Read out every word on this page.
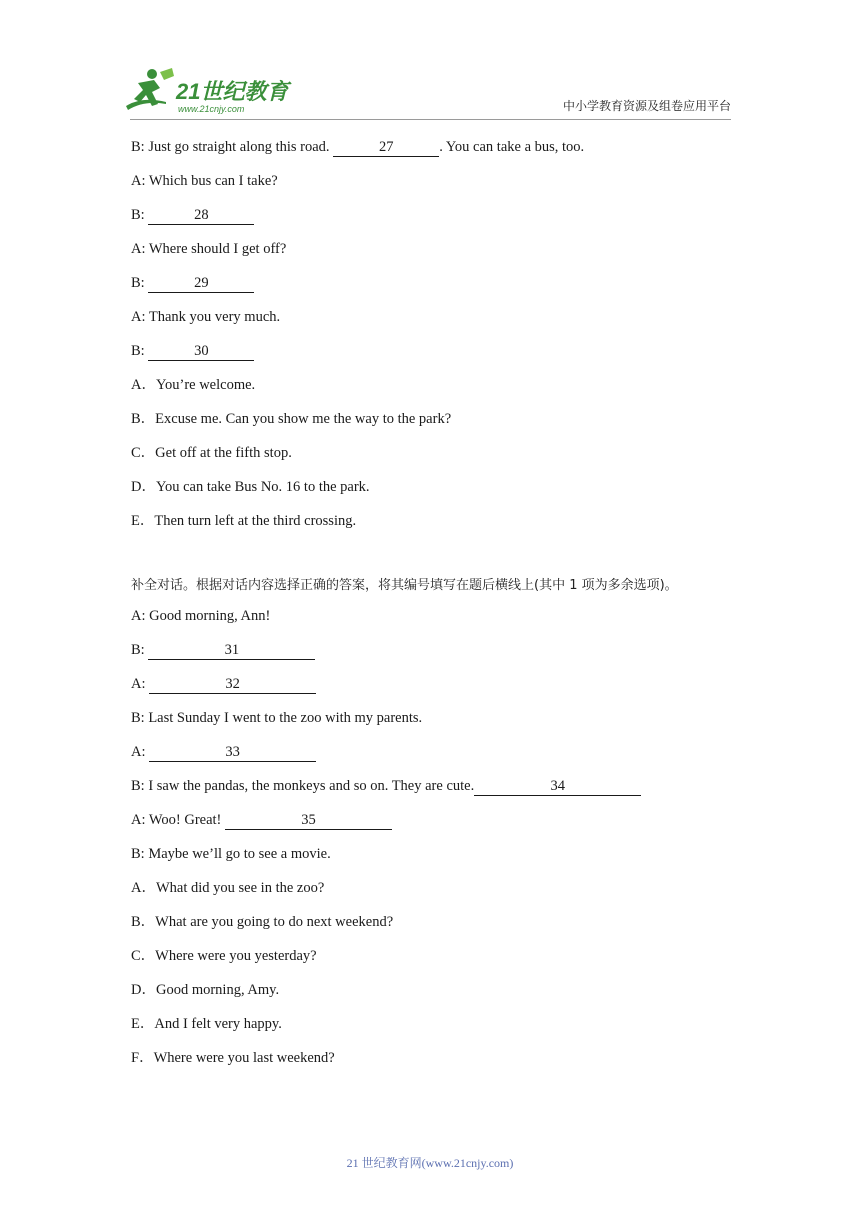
21世纪教育
www.21cnjy.com	中小学教育资源及组卷应用平台
B: Just go straight along this road.	27	. You can take a bus, too.
A: Which bus can I take?
B:	28
A: Where should I get off?
B:	29
A: Thank you very much.
B:	30
A．You’re welcome.
B．Excuse me. Can you show me the way to the park?
C．Get off at the fifth stop.
D．You can take Bus No. 16 to the park.
E．Then turn left at the third crossing.
补全对话。根据对话内容选择正确的答案，将其编号填写在题后横线上(其中 1 项为多余选项)。
A: Good morning, Ann!
B:	31
A:	32
B: Last Sunday I went to the zoo with my parents.
A:	33
B: I saw the pandas, the monkeys and so on. They are cute.	34
A: Woo! Great!	35
B: Maybe we’ll go to see a movie.
A．What did you see in the zoo?
B．What are you going to do next weekend?
C．Where were you yesterday?
D．Good morning, Amy.
E．And I felt very happy.
F．Where were you last weekend?
21 世纪教育网(www.21cnjy.com)
